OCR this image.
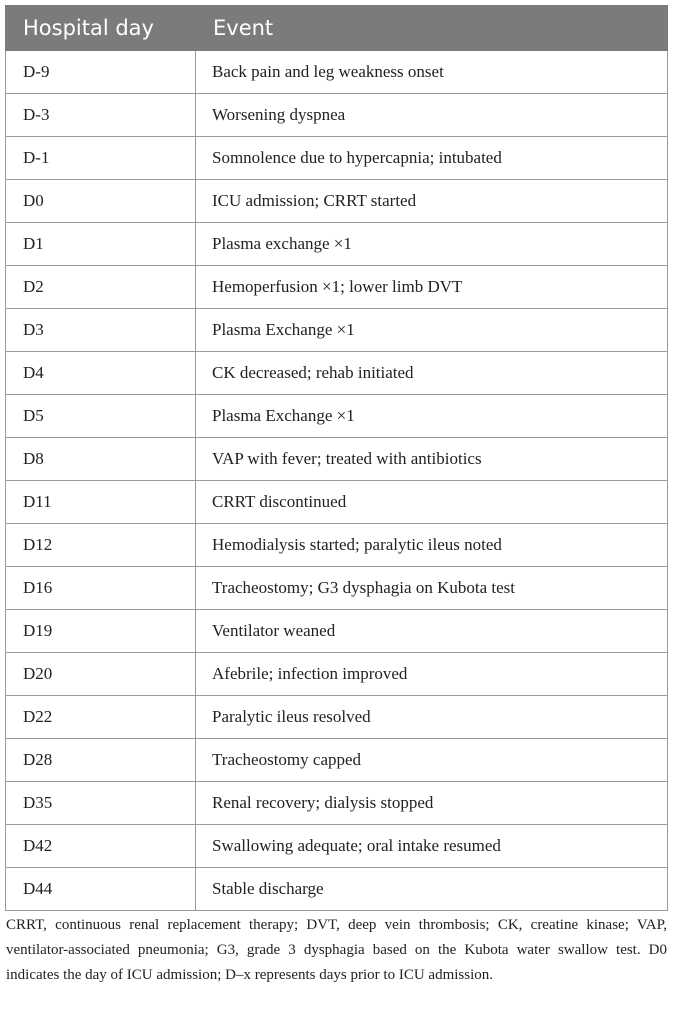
Hospital day	Event
D-9	Back pain and leg weakness onset
D-3	Worsening dyspnea
D-1	Somnolence due to hypercapnia; intubated
D0	ICU admission; CRRT started
D1	Plasma exchange ×1
D2	Hemoperfusion ×1; lower limb DVT
D3	Plasma Exchange ×1
D4	CK decreased; rehab initiated
D5	Plasma Exchange ×1
D8	VAP with fever; treated with antibiotics
D11	CRRT discontinued
D12	Hemodialysis started; paralytic ileus noted
D16	Tracheostomy; G3 dysphagia on Kubota test
D19	Ventilator weaned
D20	Afebrile; infection improved
D22	Paralytic ileus resolved
D28	Tracheostomy capped
D35	Renal recovery; dialysis stopped
D42	Swallowing adequate; oral intake resumed
D44	Stable discharge
CRRT, continuous renal replacement therapy; DVT, deep vein thrombosis; CK, creatine kinase; VAP, ventilator-associated pneumonia; G3, grade 3 dysphagia based on the Kubota water swallow test. D0 indicates the day of ICU admission; D–x represents days prior to ICU admission.
